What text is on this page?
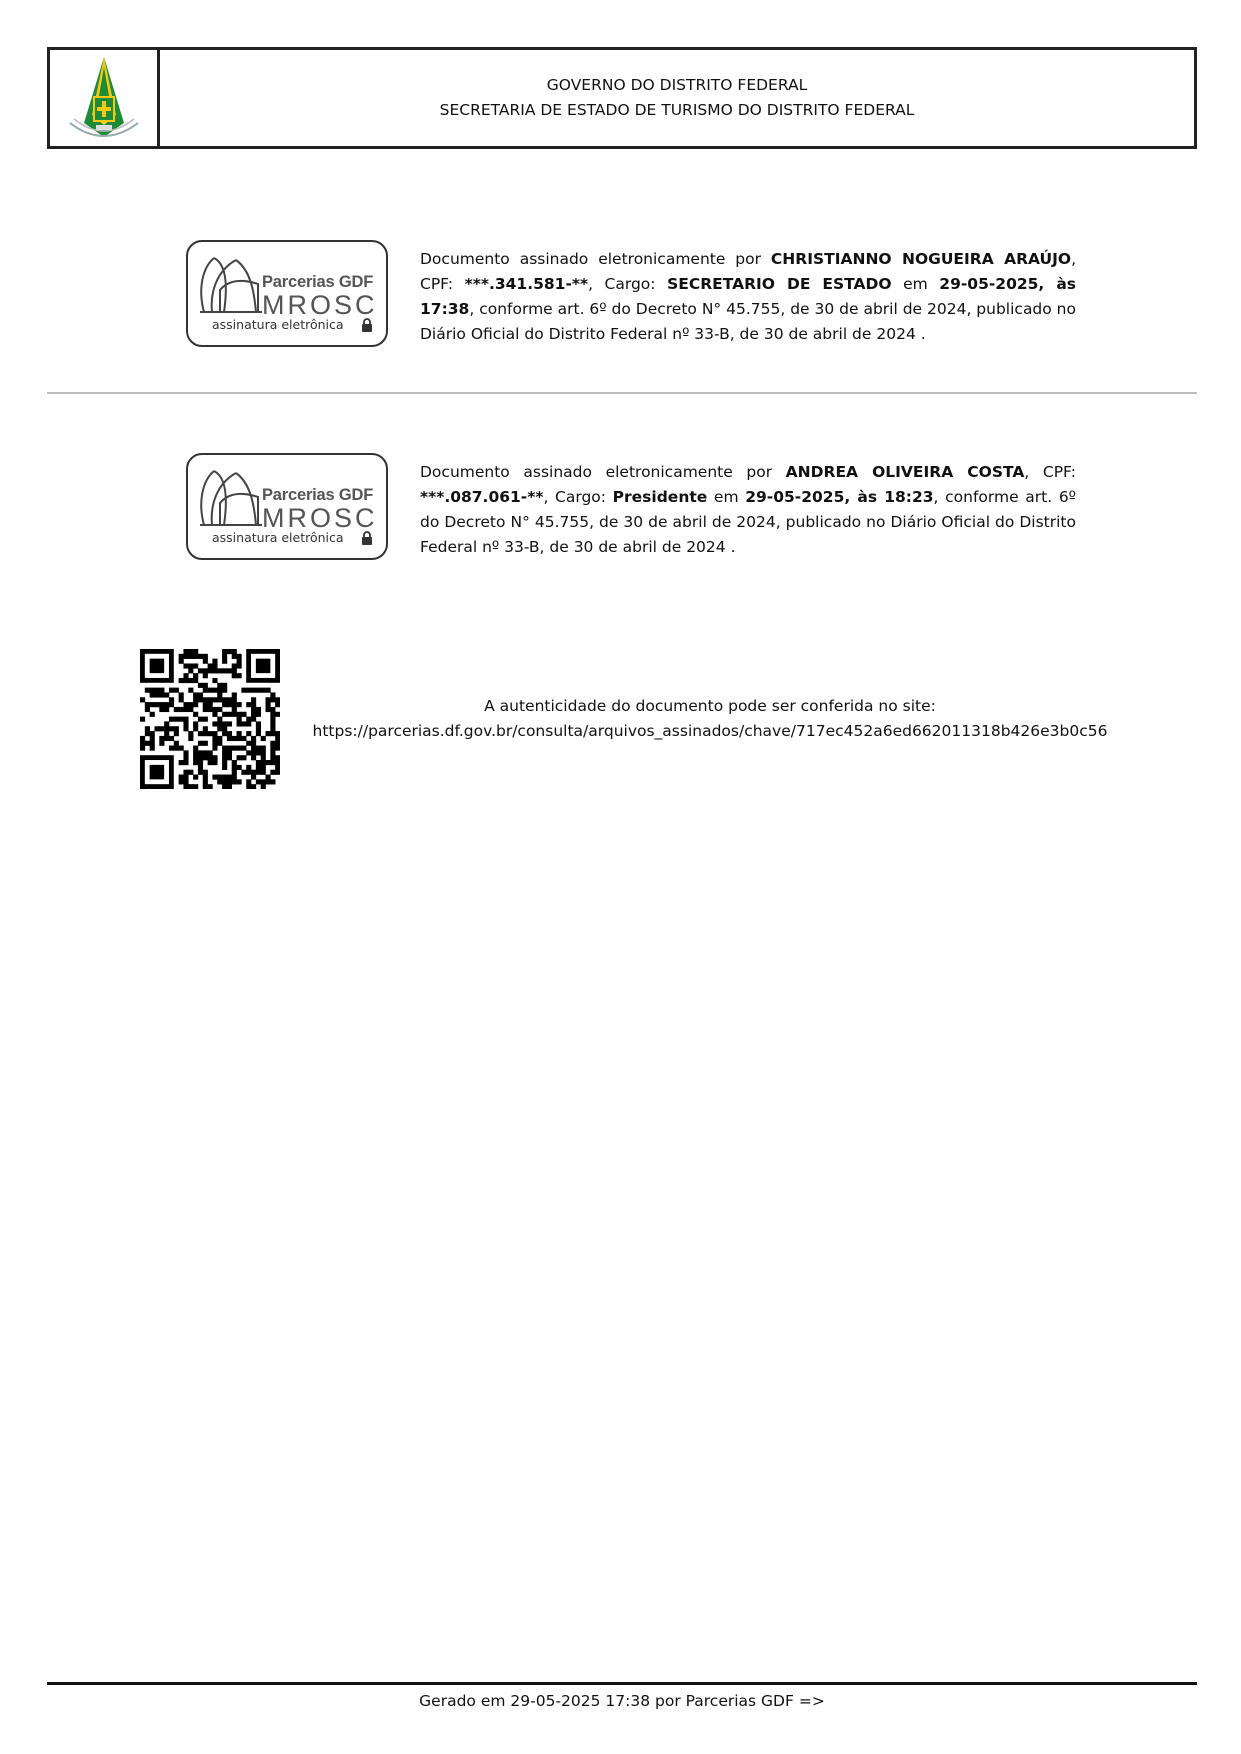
GOVERNO DO DISTRITO FEDERAL
SECRETARIA DE ESTADO DE TURISMO DO DISTRITO FEDERAL
Parcerias GDF
MROSC
assinatura eletrônica
Documento assinado eletronicamente por CHRISTIANNO NOGUEIRA ARAÚJO, CPF: ***.341.581-**, Cargo: SECRETARIO DE ESTADO em 29-05-2025, às 17:38, conforme art. 6º do Decreto N° 45.755, de 30 de abril de 2024, publicado no Diário Oficial do Distrito Federal nº 33-B, de 30 de abril de 2024 .
Parcerias GDF
MROSC
assinatura eletrônica
Documento assinado eletronicamente por ANDREA OLIVEIRA COSTA, CPF: ***.087.061-**, Cargo: Presidente em 29-05-2025, às 18:23, conforme art. 6º do Decreto N° 45.755, de 30 de abril de 2024, publicado no Diário Oficial do Distrito Federal nº 33-B, de 30 de abril de 2024 .
A autenticidade do documento pode ser conferida no site:
https://parcerias.df.gov.br/consulta/arquivos_assinados/chave/717ec452a6ed662011318b426e3b0c56
Gerado em 29-05-2025 17:38 por Parcerias GDF =>
